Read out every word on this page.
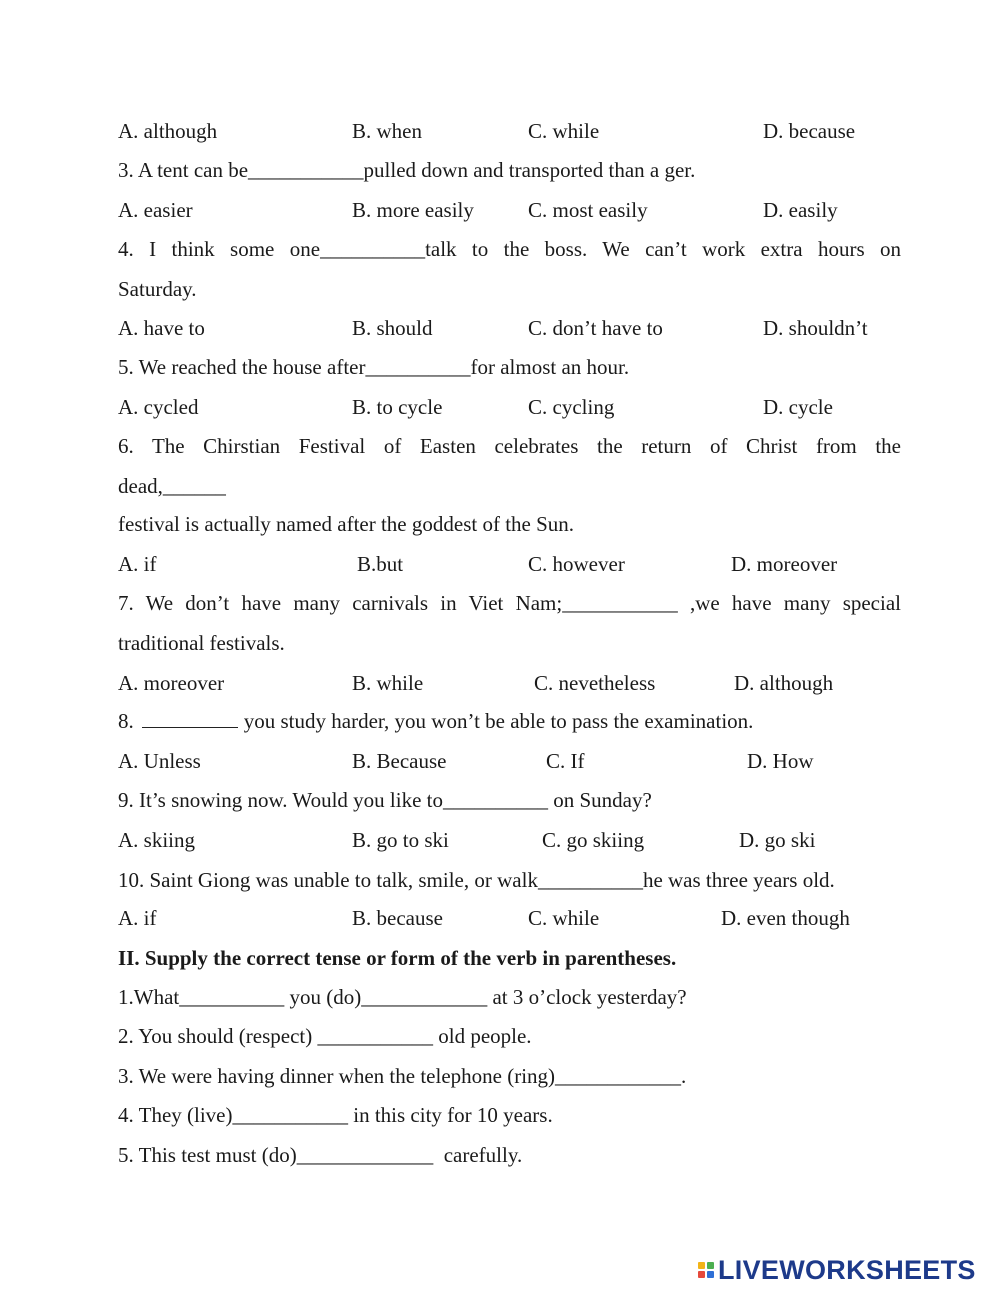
A. although	B. when	C. while	D. because
3. A tent can be___________pulled down and transported than a ger.
A. easier	B. more easily	C. most easily	D. easily
4. I think some one__________talk to the boss. We can’t work extra hours on
Saturday.
A. have to	B. should	C. don’t have to	D. shouldn’t
5. We reached the house after__________for almost an hour.
A. cycled	B. to cycle	C. cycling	D. cycle
6. The Chirstian Festival of Easten celebrates the return of Christ from the
dead,______
festival is actually named after the goddest of the Sun.
A. if	B.but	C. however	D. moreover
7. We don’t have many carnivals in Viet Nam;___________ ,we have many special
traditional festivals.
A. moreover	B. while	C. nevetheless	D. although
8.	you study harder, you won’t be able to pass the examination.
A. Unless	B. Because	C. If	D. How
9. It’s snowing now. Would you like to__________ on Sunday?
A. skiing	B. go to ski	C. go skiing	D. go ski
10. Saint Giong was unable to talk, smile, or walk__________he was three years old.
A. if	B. because	C. while	D. even though
II. Supply the correct tense or form of the verb in parentheses.
1.What__________ you (do)____________ at 3 o’clock yesterday?
2. You should (respect) ___________ old people.
3. We were having dinner when the telephone (ring)____________.
4. They (live)___________ in this city for 10 years.
5. This test must (do)_____________  carefully.
LIVEWORKSHEETS
